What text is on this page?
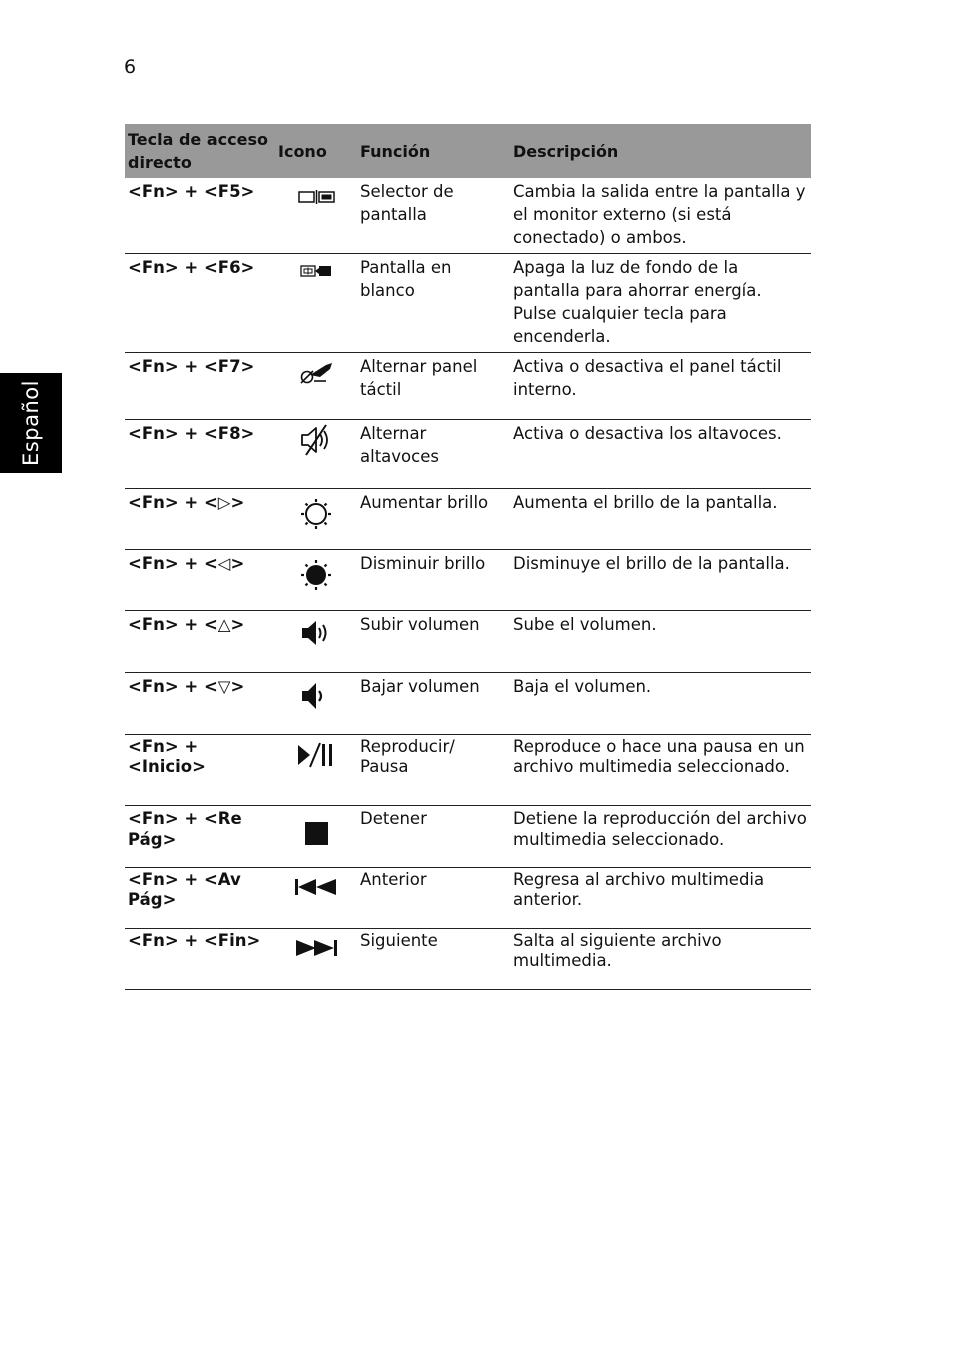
6
Español
Tecla de acceso directo	Icono	Función	Descripción
<Fn> + <F5>		Selector de pantalla	Cambia la salida entre la pantalla y el monitor externo (si está conectado) o ambos.
<Fn> + <F6>		Pantalla en blanco	Apaga la luz de fondo de la pantalla para ahorrar energía. Pulse cualquier tecla para encenderla.
<Fn> + <F7>		Alternar panel táctil	Activa o desactiva el panel táctil interno.
<Fn> + <F8>		Alternar altavoces	Activa o desactiva los altavoces.
<Fn> + <▷>		Aumentar brillo	Aumenta el brillo de la pantalla.
<Fn> + <◁>		Disminuir brillo	Disminuye el brillo de la pantalla.
<Fn> + <△>		Subir volumen	Sube el volumen.
<Fn> + <▽>		Bajar volumen	Baja el volumen.
<Fn> + <Inicio>		Reproducir/ Pausa	Reproduce o hace una pausa en un archivo multimedia seleccionado.
<Fn> + <Re Pág>		Detener	Detiene la reproducción del archivo multimedia seleccionado.
<Fn> + <Av Pág>		Anterior	Regresa al archivo multimedia anterior.
<Fn> + <Fin>		Siguiente	Salta al siguiente archivo multimedia.
